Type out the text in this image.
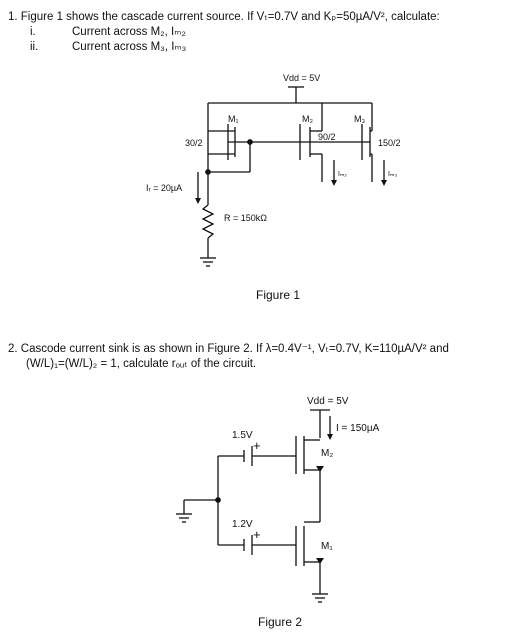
1. Figure 1 shows the cascade current source. If Vₜ=0.7V and Kₚ=50µA/V², calculate:
i.	Current across M₂, Iₘ₂
ii.	Current across M₃, Iₘ₃
Vdd = 5V
M₁	M₂	M₃
30/2
90/2
150/2
Iᵣ = 20µA
R = 150kΩ
Iₘ₂	Iₘ₃
Figure 1
2. Cascode current sink is as shown in Figure 2. If λ=0.4V⁻¹, Vₜ=0.7V, K=110µA/V² and
(W/L)₁=(W/L)₂ = 1, calculate rₒᵤₜ of the circuit.
Vdd = 5V
I = 150µA
1.5V
+
1.2V
+
M₂
M₁
Figure 2
